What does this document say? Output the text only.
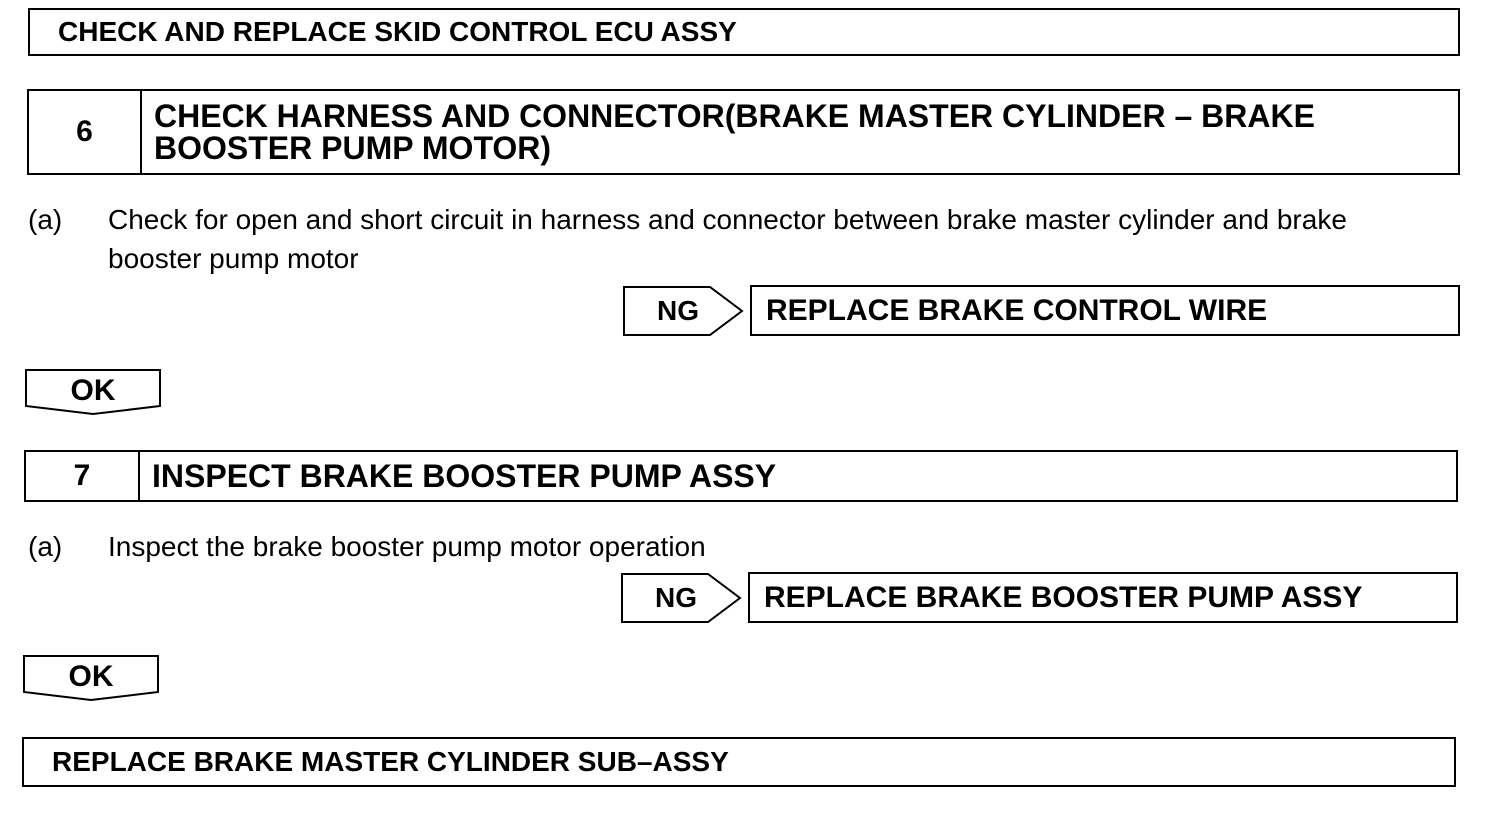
CHECK AND REPLACE SKID CONTROL ECU ASSY
6	CHECK HARNESS AND CONNECTOR(BRAKE MASTER CYLINDER – BRAKE
BOOSTER PUMP MOTOR)
(a) Check for open and short circuit in harness and connector between brake master cylinder and brake
booster pump motor
NG	REPLACE BRAKE CONTROL WIRE
OK
7	INSPECT BRAKE BOOSTER PUMP ASSY
(a) Inspect the brake booster pump motor operation
NG	REPLACE BRAKE BOOSTER PUMP ASSY
OK
REPLACE BRAKE MASTER CYLINDER SUB–ASSY
